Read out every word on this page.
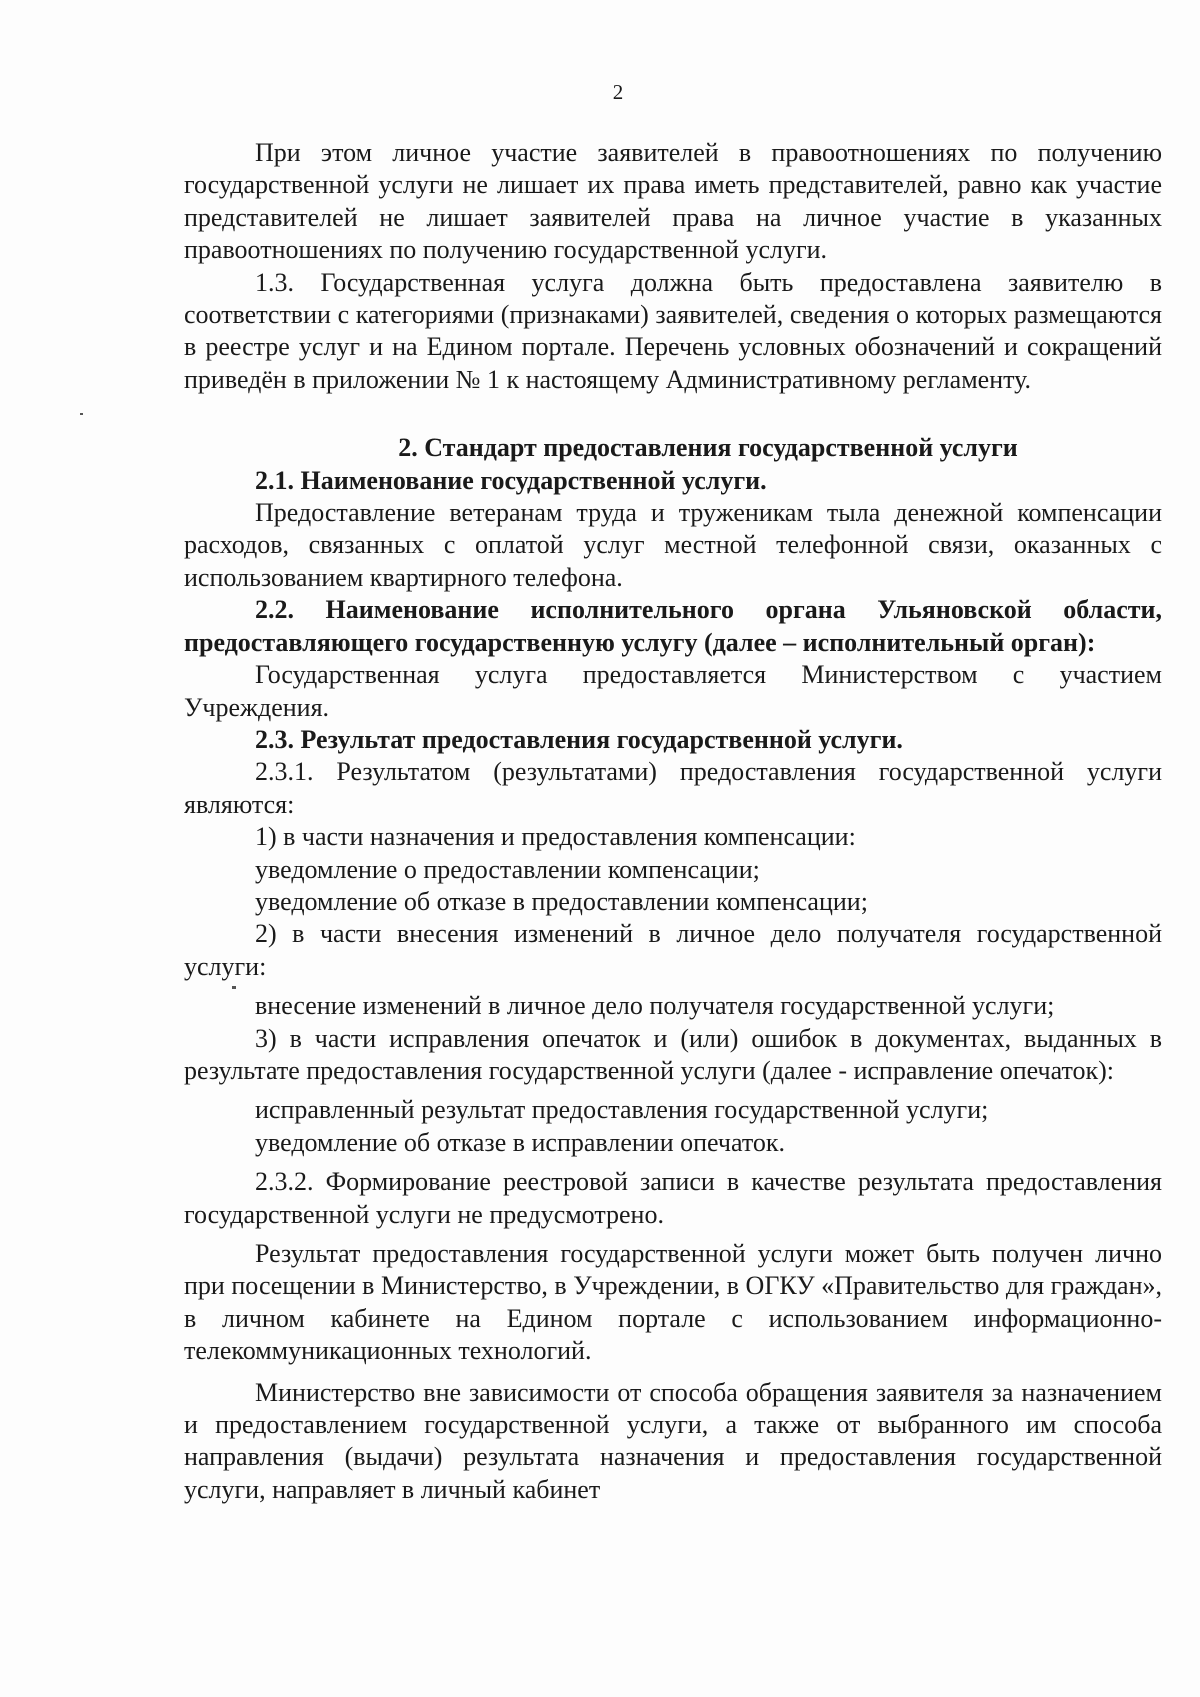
2

При этом личное участие заявителей в правоотношениях по получению государственной услуги не лишает их права иметь представителей, равно как участие представителей не лишает заявителей права на личное участие в указанных правоотношениях по получению государственной услуги.

1.3. Государственная услуга должна быть предоставлена заявителю в соответствии с категориями (признаками) заявителей, сведения о которых размещаются в реестре услуг и на Едином портале. Перечень условных обозначений и сокращений приведён в приложении № 1 к настоящему Административному регламенту.

2. Стандарт предоставления государственной услуги
2.1. Наименование государственной услуги.

Предоставление ветеранам труда и труженикам тыла денежной компенсации расходов, связанных с оплатой услуг местной телефонной связи, оказанных с использованием квартирного телефона.

2.2. Наименование исполнительного органа Ульяновской области, предоставляющего государственную услугу (далее – исполнительный орган):

Государственная услуга предоставляется Министерством с участием Учреждения.

2.3. Результат предоставления государственной услуги.

2.3.1. Результатом (результатами) предоставления государственной услуги являются:

1) в части назначения и предоставления компенсации:

уведомление о предоставлении компенсации;

уведомление об отказе в предоставлении компенсации;

2) в части внесения изменений в личное дело получателя государственной услуги:

внесение изменений в личное дело получателя государственной услуги;

3) в части исправления опечаток и (или) ошибок в документах, выданных в результате предоставления государственной услуги (далее - исправление опечаток):

исправленный результат предоставления государственной услуги;

уведомление об отказе в исправлении опечаток.

2.3.2. Формирование реестровой записи в качестве результата предоставления государственной услуги не предусмотрено.

Результат предоставления государственной услуги может быть получен лично при посещении в Министерство, в Учреждении, в ОГКУ «Правительство для граждан», в личном кабинете на Едином портале с использованием информационно-телекоммуникационных технологий.

Министерство вне зависимости от способа обращения заявителя за назначением и предоставлением государственной услуги, а также от выбранного им способа направления (выдачи) результата назначения и предоставления государственной услуги, направляет в личный кабинет
